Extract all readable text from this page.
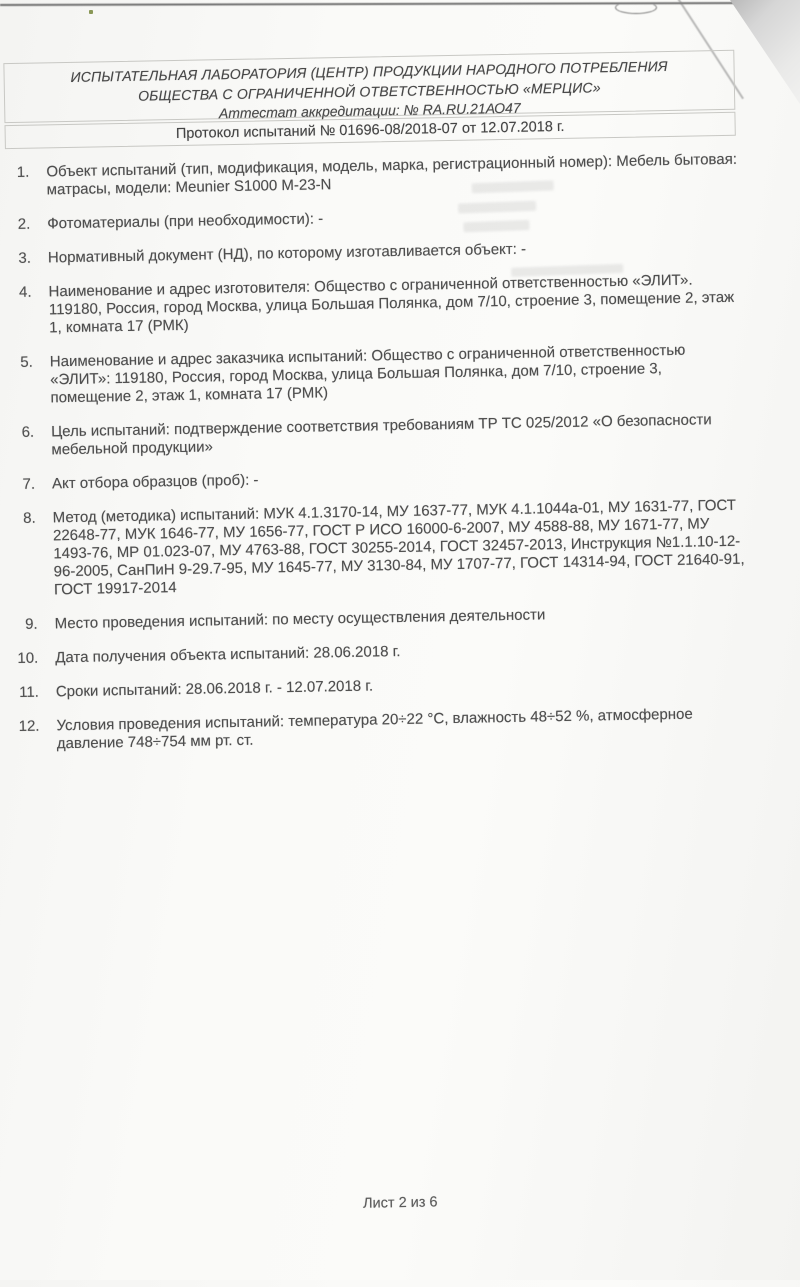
ИСПЫТАТЕЛЬНАЯ ЛАБОРАТОРИЯ (ЦЕНТР) ПРОДУКЦИИ НАРОДНОГО ПОТРЕБЛЕНИЯ
ОБЩЕСТВА С ОГРАНИЧЕННОЙ ОТВЕТСТВЕННОСТЬЮ «МЕРЦИС»
Аттестат аккредитации: № RA.RU.21АО47
Протокол испытаний № 01696-08/2018-07 от 12.07.2018 г.
1. Объект испытаний (тип, модификация, модель, марка, регистрационный номер): Мебель бытовая:
матрасы, модели: Meunier S1000 M-23-N
2. Фотоматериалы (при необходимости): -
3. Нормативный документ (НД), по которому изготавливается объект: -
4. Наименование и адрес изготовителя: Общество с ограниченной ответственностью «ЭЛИТ».
119180, Россия, город Москва, улица Большая Полянка, дом 7/10, строение 3, помещение 2, этаж
1, комната 17 (РМК)
5. Наименование и адрес заказчика испытаний: Общество с ограниченной ответственностью
«ЭЛИТ»: 119180, Россия, город Москва, улица Большая Полянка, дом 7/10, строение 3,
помещение 2, этаж 1, комната 17 (РМК)
6. Цель испытаний: подтверждение соответствия требованиям ТР ТС 025/2012 «О безопасности
мебельной продукции»
7. Акт отбора образцов (проб): -
8. Метод (методика) испытаний: МУК 4.1.3170-14, МУ 1637-77, МУК 4.1.1044а-01, МУ 1631-77, ГОСТ
22648-77, МУК 1646-77, МУ 1656-77, ГОСТ Р ИСО 16000-6-2007, МУ 4588-88, МУ 1671-77, МУ
1493-76, МР 01.023-07, МУ 4763-88, ГОСТ 30255-2014, ГОСТ 32457-2013, Инструкция №1.1.10-12-
96-2005, СанПиН 9-29.7-95, МУ 1645-77, МУ 3130-84, МУ 1707-77, ГОСТ 14314-94, ГОСТ 21640-91,
ГОСТ 19917-2014
9. Место проведения испытаний: по месту осуществления деятельности
10. Дата получения объекта испытаний: 28.06.2018 г.
11. Сроки испытаний: 28.06.2018 г. - 12.07.2018 г.
12. Условия проведения испытаний: температура 20÷22 °С, влажность 48÷52 %, атмосферное
давление 748÷754 мм рт. ст.
Лист 2 из 6
